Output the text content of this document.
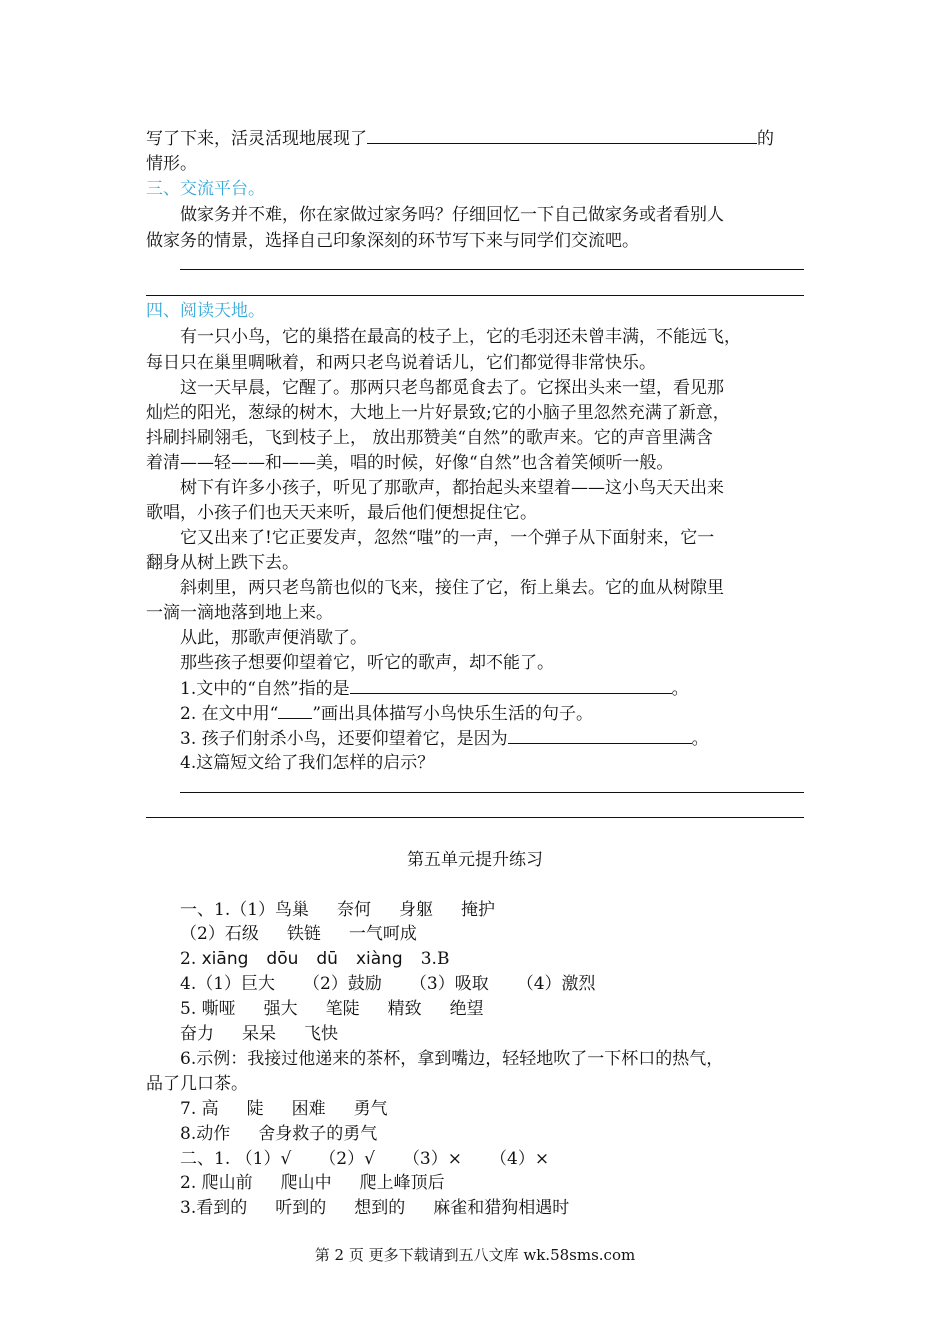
写了下来，活灵活现地展现了	的
情形。
三、交流平台。
做家务并不难，你在家做过家务吗？仔细回忆一下自己做家务或者看别人
做家务的情景，选择自己印象深刻的环节写下来与同学们交流吧。
四、阅读天地。
有一只小鸟，它的巢搭在最高的枝子上，它的毛羽还未曾丰满，不能远飞，
每日只在巢里啁啾着，和两只老鸟说着话儿，它们都觉得非常快乐。
这一天早晨，它醒了。那两只老鸟都觅食去了。它探出头来一望，看见那
灿烂的阳光，葱绿的树木，大地上一片好景致;它的小脑子里忽然充满了新意，
抖刷抖刷翎毛，飞到枝子上， 放出那赞美“自然”的歌声来。它的声音里满含
着清——轻——和——美，唱的时候，好像“自然”也含着笑倾听一般。
树下有许多小孩子，听见了那歌声，都抬起头来望着——这小鸟天天出来
歌唱，小孩子们也天天来听，最后他们便想捉住它。
它又出来了!它正要发声，忽然“嗤”的一声，一个弹子从下面射来，它一
翻身从树上跌下去。
斜刺里，两只老鸟箭也似的飞来，接住了它，衔上巢去。它的血从树隙里
一滴一滴地落到地上来。
从此，那歌声便消歇了。
那些孩子想要仰望着它，听它的歌声，却不能了。
1.文中的“自然”指的是	。
2. 在文中用“ ”画出具体描写小鸟快乐生活的句子。
3. 孩子们射杀小鸟，还要仰望着它，是因为	。
4.这篇短文给了我们怎样的启示？
第五单元提升练习
一、1.（1）鸟巢 奈何 身躯 掩护
（2）石级 铁链 一气呵成
2. xiāng dōu dū xiàng 3.B
4.（1）巨大 （2）鼓励 （3）吸取 （4）激烈
5. 嘶哑 强大 笔陡 精致 绝望
奋力 呆呆 飞快
6.示例：我接过他递来的茶杯，拿到嘴边，轻轻地吹了一下杯口的热气，
品了几口茶。
7. 高 陡 困难 勇气
8.动作 舍身救子的勇气
二、1. （1）√ （2）√ （3）× （4）×
2. 爬山前 爬山中 爬上峰顶后
3.看到的 听到的 想到的 麻雀和猎狗相遇时
第 2 页 更多下载请到五八文库 wk.58sms.com
